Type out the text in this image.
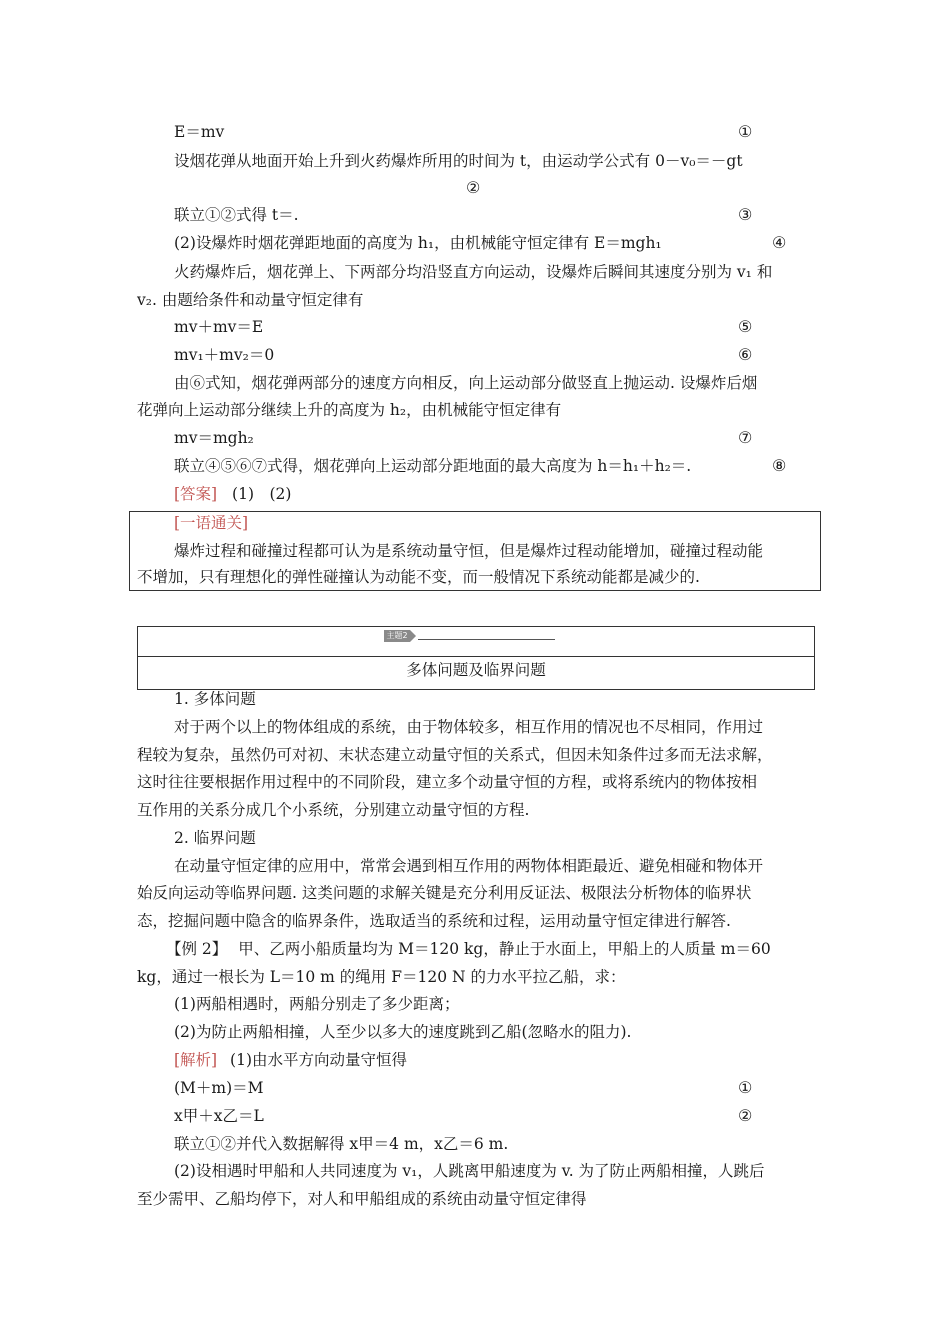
E＝mv	①
设烟花弹从地面开始上升到火药爆炸所用的时间为 t，由运动学公式有 0－v₀＝－gt
②
联立①②式得 t＝.	③
(2)设爆炸时烟花弹距地面的高度为 h₁，由机械能守恒定律有 E＝mgh₁	④
火药爆炸后，烟花弹上、下两部分均沿竖直方向运动，设爆炸后瞬间其速度分别为 v₁ 和
v₂. 由题给条件和动量守恒定律有
mv＋mv＝E	⑤
mv₁＋mv₂＝0	⑥
由⑥式知，烟花弹两部分的速度方向相反，向上运动部分做竖直上抛运动. 设爆炸后烟
花弹向上运动部分继续上升的高度为 h₂，由机械能守恒定律有
mv＝mgh₂	⑦
联立④⑤⑥⑦式得，烟花弹向上运动部分距地面的最大高度为 h＝h₁＋h₂＝.	⑧
[答案] (1)　(2)
[一语通关]
爆炸过程和碰撞过程都可认为是系统动量守恒，但是爆炸过程动能增加，碰撞过程动能
不增加，只有理想化的弹性碰撞认为动能不变，而一般情况下系统动能都是减少的.
主题2
多体问题及临界问题
1. 多体问题
对于两个以上的物体组成的系统，由于物体较多，相互作用的情况也不尽相同，作用过
程较为复杂，虽然仍可对初、末状态建立动量守恒的关系式，但因未知条件过多而无法求解，
这时往往要根据作用过程中的不同阶段，建立多个动量守恒的方程，或将系统内的物体按相
互作用的关系分成几个小系统，分别建立动量守恒的方程.
2. 临界问题
在动量守恒定律的应用中，常常会遇到相互作用的两物体相距最近、避免相碰和物体开
始反向运动等临界问题. 这类问题的求解关键是充分利用反证法、极限法分析物体的临界状
态，挖掘问题中隐含的临界条件，选取适当的系统和过程，运用动量守恒定律进行解答.
【例 2】 甲、乙两小船质量均为 M＝120 kg，静止于水面上，甲船上的人质量 m＝60
kg，通过一根长为 L＝10 m 的绳用 F＝120 N 的力水平拉乙船，求：
(1)两船相遇时，两船分别走了多少距离；
(2)为防止两船相撞，人至少以多大的速度跳到乙船(忽略水的阻力).
[解析] (1)由水平方向动量守恒得
(M＋m)＝M	①
x甲＋x乙＝L	②
联立①②并代入数据解得 x甲＝4 m，x乙＝6 m.
(2)设相遇时甲船和人共同速度为 v₁，人跳离甲船速度为 v. 为了防止两船相撞，人跳后
至少需甲、乙船均停下，对人和甲船组成的系统由动量守恒定律得
